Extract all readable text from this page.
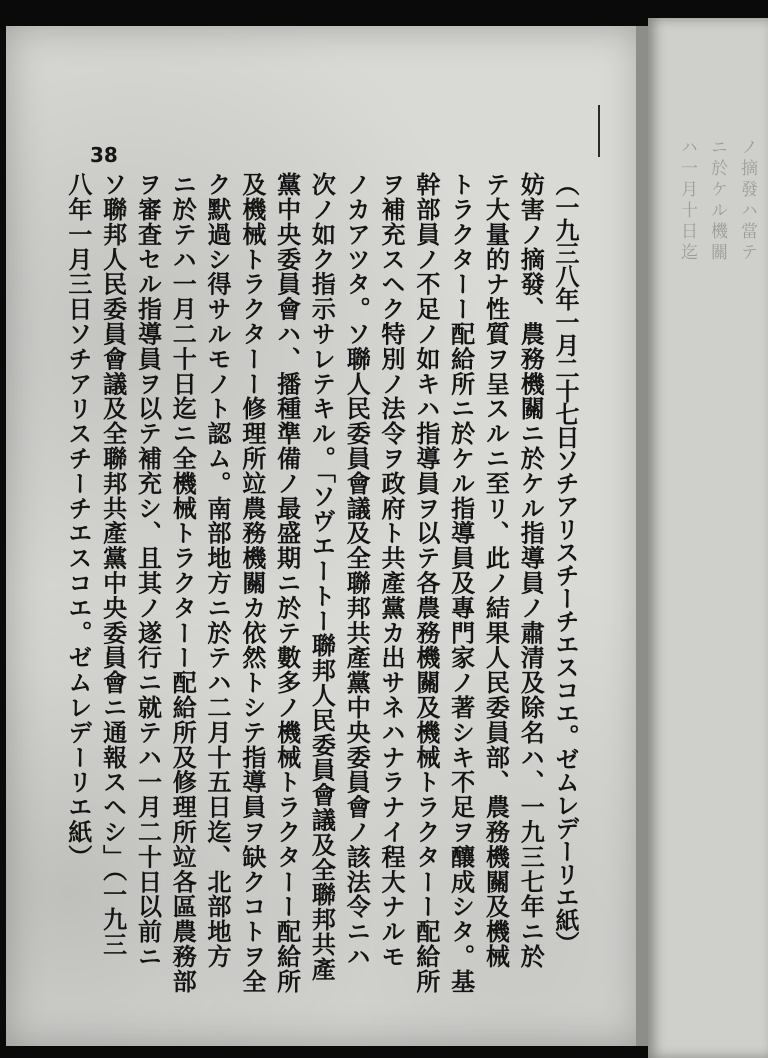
ノ摘發ハ當テ
ニ於ケル機關
ハ一月十日迄
38

（一九三八年一月二十七日ソチアリスチーチエスコエ。ゼムレデーリエ紙）

妨害ノ摘發、農務機關ニ於ケル指導員ノ肅清及除名ハ、一九三七年ニ於

テ大量的ナ性質ヲ呈スルニ至リ、此ノ結果人民委員部、農務機關及機械

トラクターー配給所ニ於ケル指導員及專門家ノ著シキ不足ヲ釀成シタ。基

幹部員ノ不足ノ如キハ指導員ヲ以テ各農務機關及機械トラクターー配給所

ヲ補充スヘク特別ノ法令ヲ政府ト共產黨カ出サネハナラナイ程大ナルモ

ノカアツタ。ソ聯人民委員會議及全聯邦共產黨中央委員會ノ該法令ニハ

次ノ如ク指示サレテキル。「ソヴエートー聯邦人民委員會議及全聯邦共產

黨中央委員會ハ、播種準備ノ最盛期ニ於テ數多ノ機械トラクターー配給所

及機械トラクターー修理所竝農務機關カ依然トシテ指導員ヲ缺クコトヲ全

ク默過シ得サルモノト認ム。南部地方ニ於テハ二月十五日迄、北部地方

ニ於テハ一月二十日迄ニ全機械トラクターー配給所及修理所竝各區農務部

ヲ審査セル指導員ヲ以テ補充シ、且其ノ遂行ニ就テハ一月二十日以前ニ

ソ聯邦人民委員會議及全聯邦共產黨中央委員會ニ通報スヘシ」（一九三

八年一月三日ソチアリスチーチエスコエ。ゼムレデーリエ紙）
